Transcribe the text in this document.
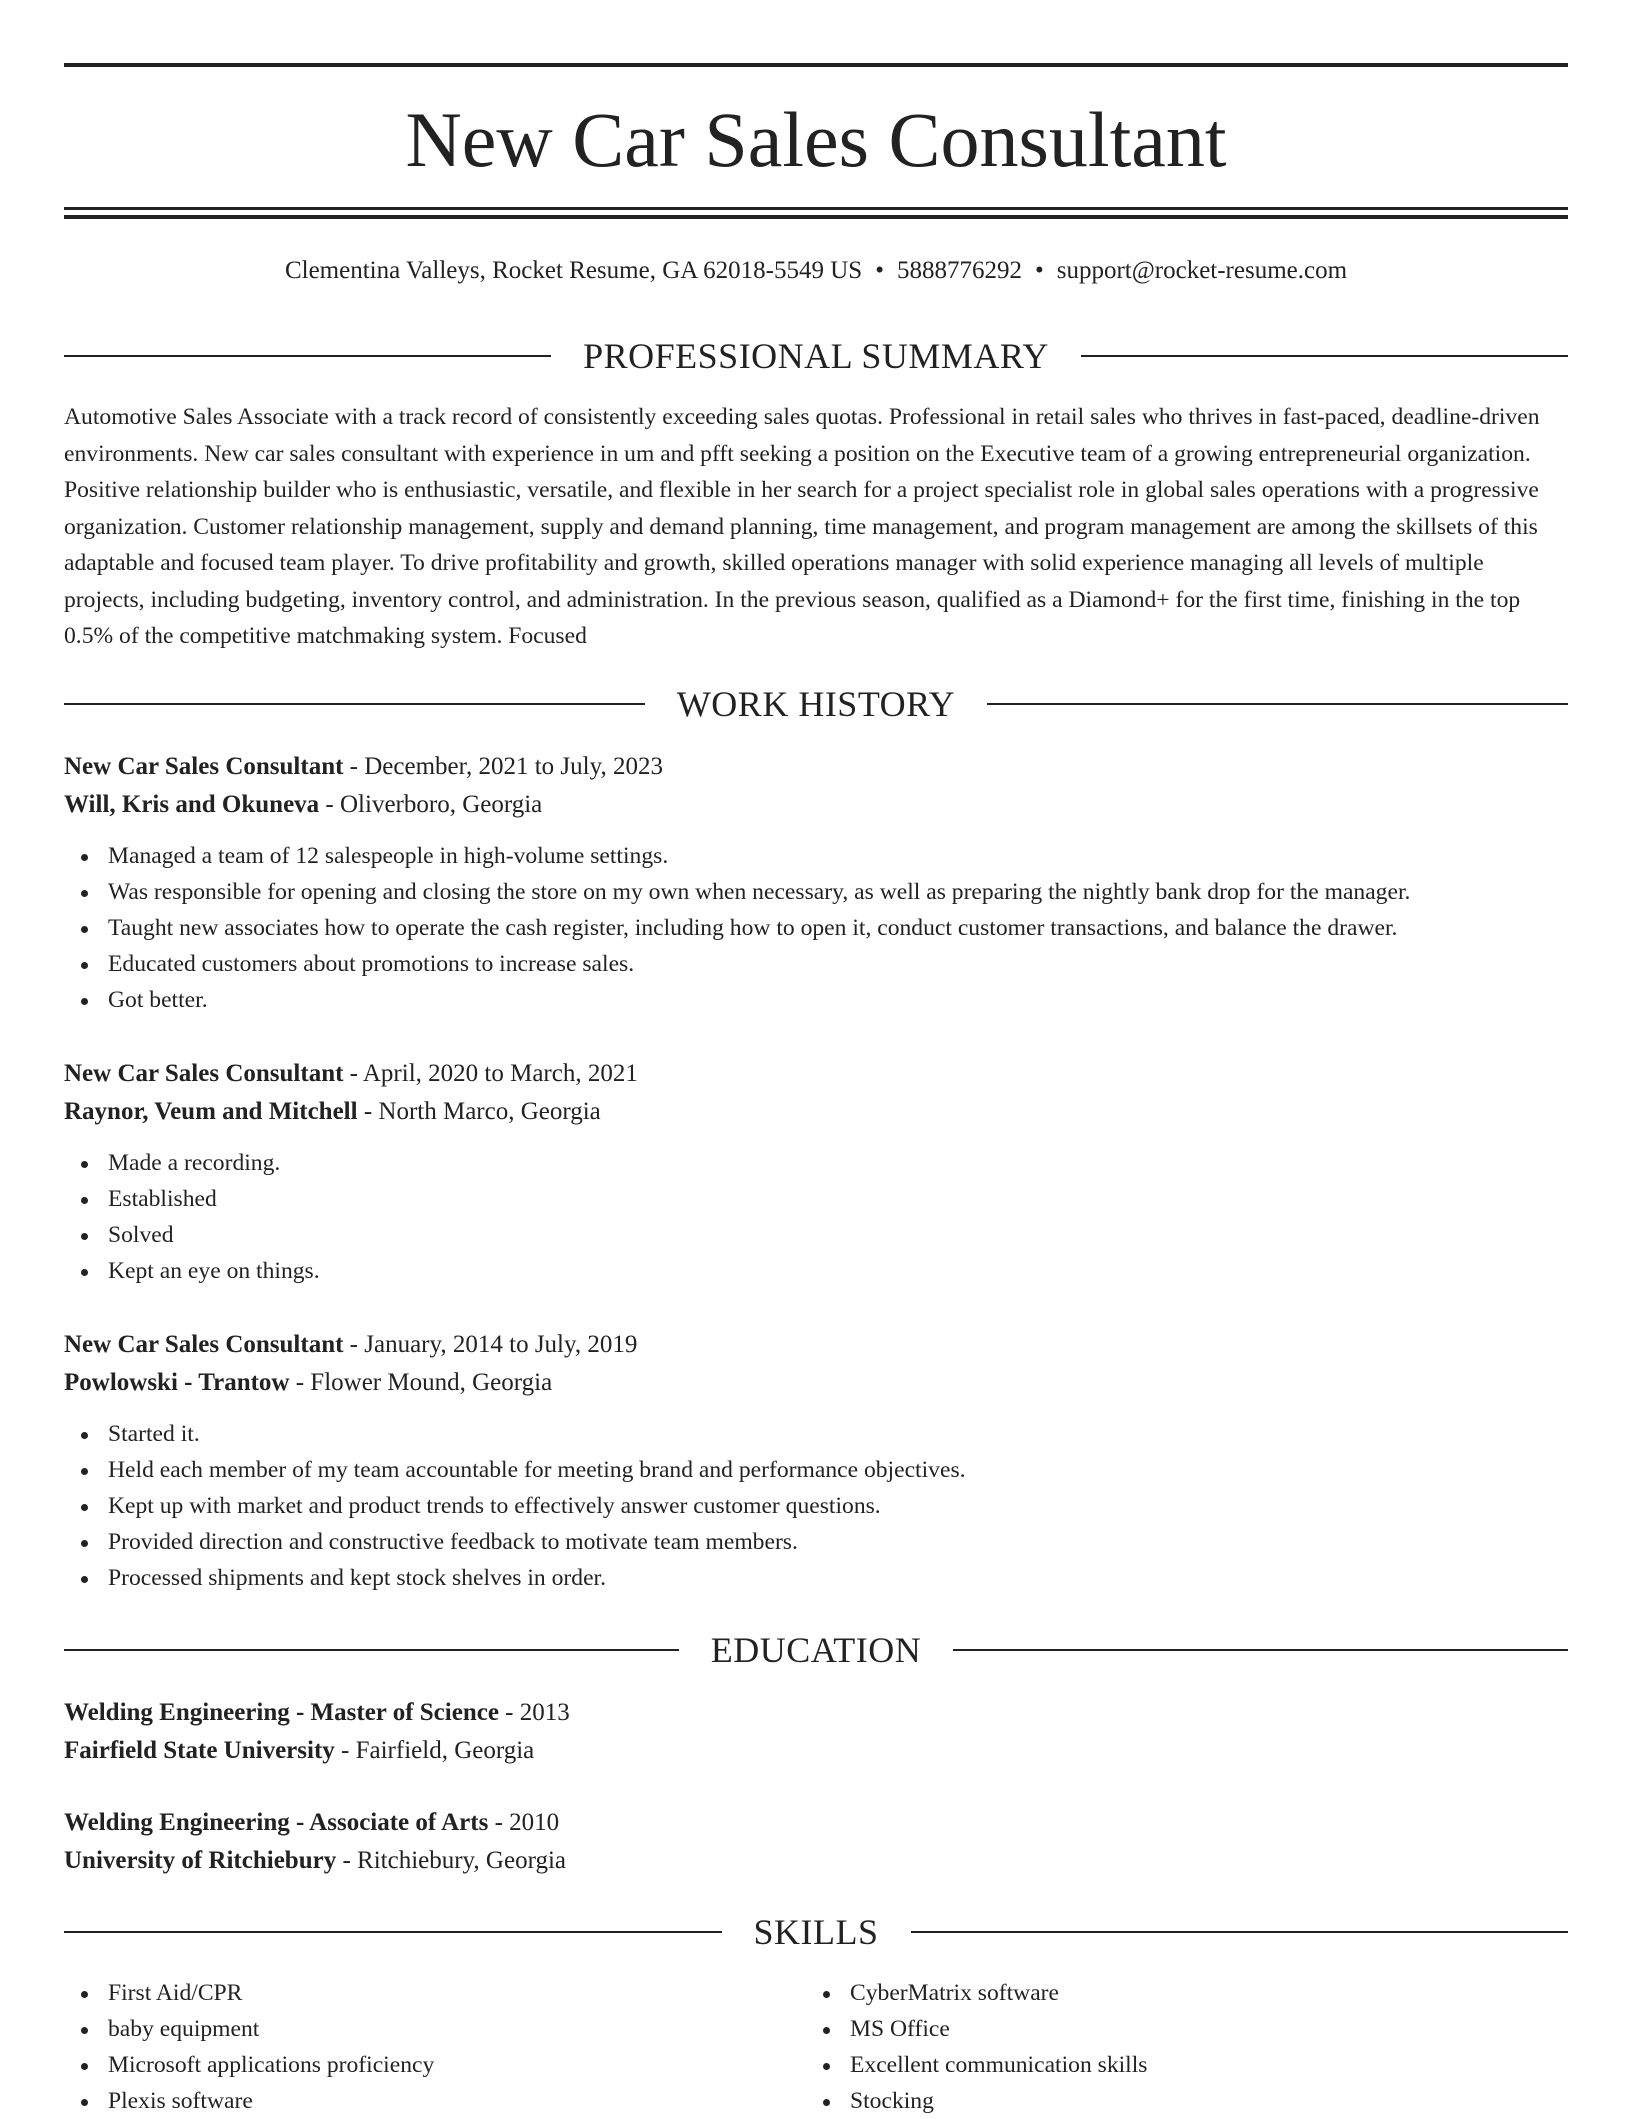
New Car Sales Consultant
Clementina Valleys, Rocket Resume, GA 62018-5549 US • 5888776292 • support@rocket-resume.com
PROFESSIONAL SUMMARY
Automotive Sales Associate with a track record of consistently exceeding sales quotas. Professional in retail sales who thrives in fast-paced, deadline-driven environments. New car sales consultant with experience in um and pfft seeking a position on the Executive team of a growing entrepreneurial organization. Positive relationship builder who is enthusiastic, versatile, and flexible in her search for a project specialist role in global sales operations with a progressive organization. Customer relationship management, supply and demand planning, time management, and program management are among the skillsets of this adaptable and focused team player. To drive profitability and growth, skilled operations manager with solid experience managing all levels of multiple projects, including budgeting, inventory control, and administration. In the previous season, qualified as a Diamond+ for the first time, finishing in the top 0.5% of the competitive matchmaking system. Focused
WORK HISTORY
New Car Sales Consultant - December, 2021 to July, 2023
Will, Kris and Okuneva - Oliverboro, Georgia
Managed a team of 12 salespeople in high-volume settings.
Was responsible for opening and closing the store on my own when necessary, as well as preparing the nightly bank drop for the manager.
Taught new associates how to operate the cash register, including how to open it, conduct customer transactions, and balance the drawer.
Educated customers about promotions to increase sales.
Got better.
New Car Sales Consultant - April, 2020 to March, 2021
Raynor, Veum and Mitchell - North Marco, Georgia
Made a recording.
Established
Solved
Kept an eye on things.
New Car Sales Consultant - January, 2014 to July, 2019
Powlowski - Trantow - Flower Mound, Georgia
Started it.
Held each member of my team accountable for meeting brand and performance objectives.
Kept up with market and product trends to effectively answer customer questions.
Provided direction and constructive feedback to motivate team members.
Processed shipments and kept stock shelves in order.
EDUCATION
Welding Engineering - Master of Science - 2013
Fairfield State University - Fairfield, Georgia
Welding Engineering - Associate of Arts - 2010
University of Ritchiebury - Ritchiebury, Georgia
SKILLS
First Aid/CPR
baby equipment
Microsoft applications proficiency
Plexis software
CyberMatrix software
MS Office
Excellent communication skills
Stocking
